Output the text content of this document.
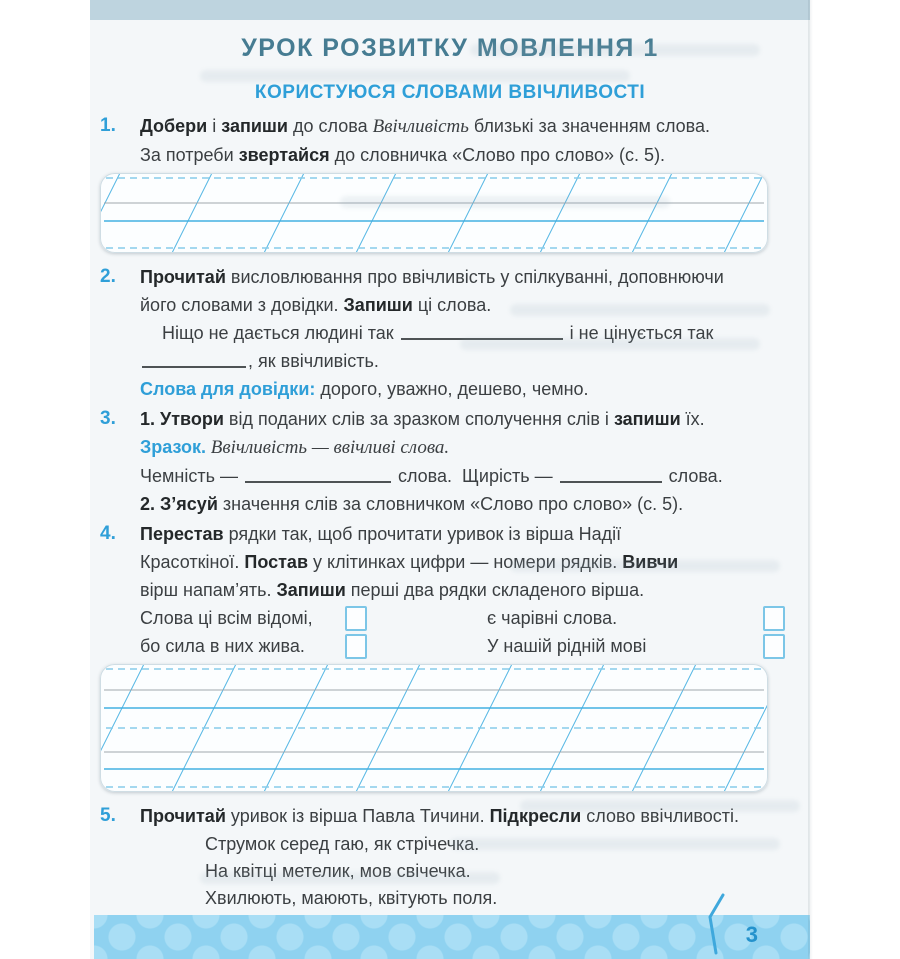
УРОК РОЗВИТКУ МОВЛЕННЯ 1
КОРИСТУЮСЯ СЛОВАМИ ВВІЧЛИВОСТІ
1.	Добери і запиши до слова Ввічливість близькі за значенням слова.

За потреби звертайся до словничка «Слово про слово» (с. 5).

2.	Прочитай висловлювання про ввічливість у спілкуванні, доповнюючи

його словами з довідки. Запиши ці слова.

Ніщо не дається людині так	і не цінується так

, як ввічливість.

Слова для довідки: дорого, уважно, дешево, чемно.

3.	1. Утвори від поданих слів за зразком сполучення слів і запиши їх.

Зразок. Ввічливість — ввічливі слова.

Чемність —	слова.  Щирість —	слова.

2. З’ясуй значення слів за словничком «Слово про слово» (с. 5).

4.	Перестав рядки так, щоб прочитати уривок із вірша Надії

Красоткіної. Постав у клітинках цифри — номери рядків. Вивчи

вірш напам’ять. Запиши перші два рядки складеного вірша.

Слова ці всім відомі,	є чарівні слова.
бо сила в них жива.	У нашій рідній мові
5.	Прочитай уривок із вірша Павла Тичини. Підкресли слово ввічливості.

Струмок серед гаю, як стрічечка.

На квітці метелик, мов свічечка.

Хвилюють, маюють, квітують поля.

3
